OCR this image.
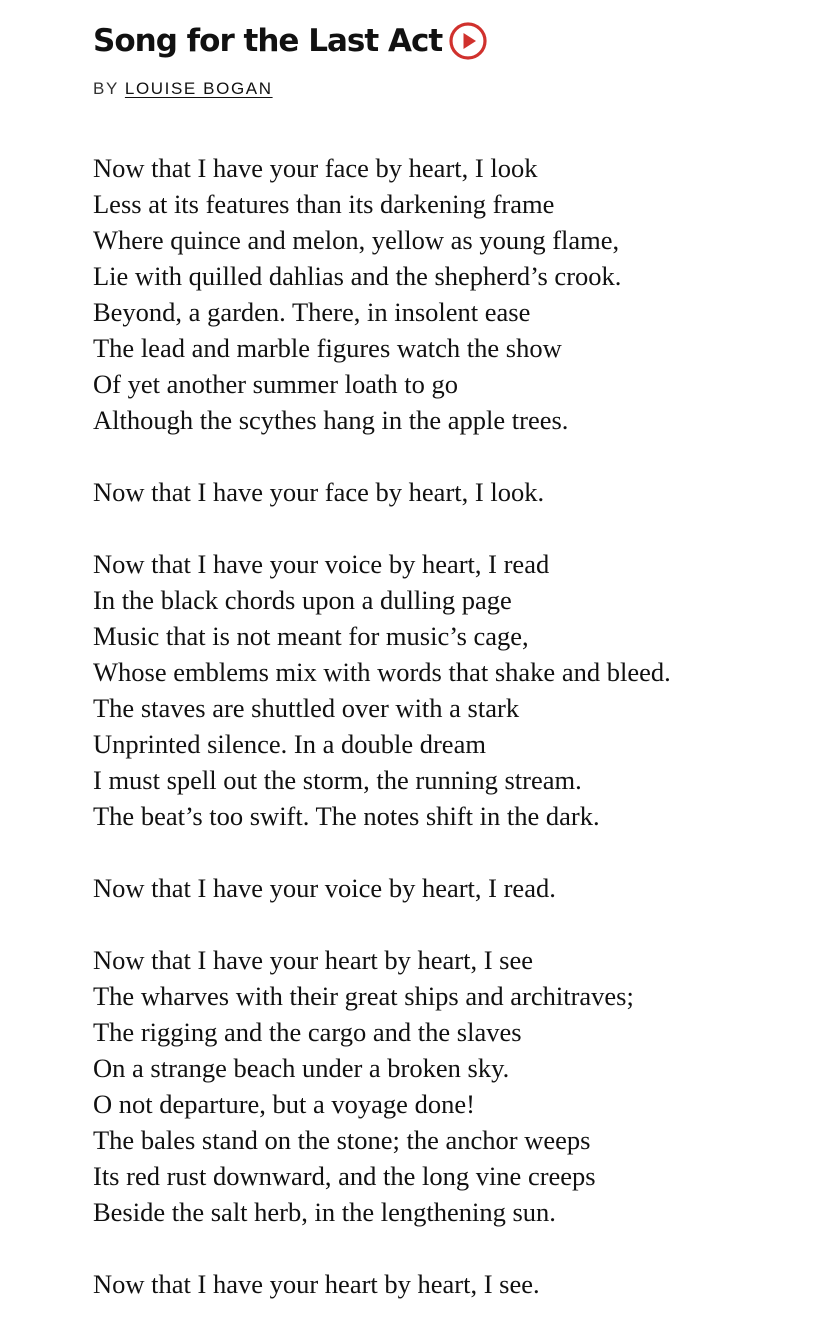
Song for the Last Act
BY LOUISE BOGAN
Now that I have your face by heart, I look
Less at its features than its darkening frame
Where quince and melon, yellow as young flame,
Lie with quilled dahlias and the shepherd’s crook.
Beyond, a garden. There, in insolent ease
The lead and marble figures watch the show
Of yet another summer loath to go
Although the scythes hang in the apple trees.
Now that I have your face by heart, I look.
Now that I have your voice by heart, I read
In the black chords upon a dulling page
Music that is not meant for music’s cage,
Whose emblems mix with words that shake and bleed.
The staves are shuttled over with a stark
Unprinted silence. In a double dream
I must spell out the storm, the running stream.
The beat’s too swift. The notes shift in the dark.
Now that I have your voice by heart, I read.
Now that I have your heart by heart, I see
The wharves with their great ships and architraves;
The rigging and the cargo and the slaves
On a strange beach under a broken sky.
O not departure, but a voyage done!
The bales stand on the stone; the anchor weeps
Its red rust downward, and the long vine creeps
Beside the salt herb, in the lengthening sun.
Now that I have your heart by heart, I see.
